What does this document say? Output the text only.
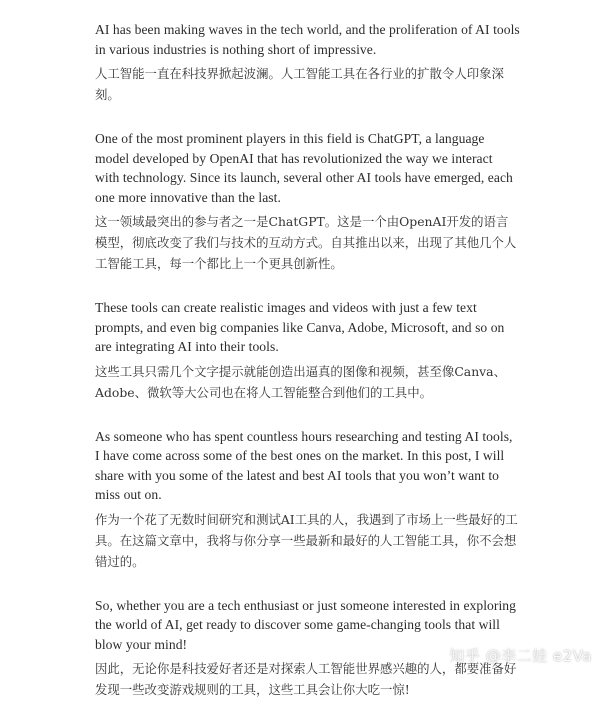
AI has been making waves in the tech world, and the proliferation of AI tools in various industries is nothing short of impressive.

人工智能一直在科技界掀起波澜。人工智能工具在各行业的扩散令人印象深刻。

One of the most prominent players in this field is ChatGPT, a language model developed by OpenAI that has revolutionized the way we interact with technology. Since its launch, several other AI tools have emerged, each one more innovative than the last.

这一领域最突出的参与者之一是ChatGPT。这是一个由OpenAI开发的语言模型，彻底改变了我们与技术的互动方式。自其推出以来，出现了其他几个人工智能工具，每一个都比上一个更具创新性。

These tools can create realistic images and videos with just a few text prompts, and even big companies like Canva, Adobe, Microsoft, and so on are integrating AI into their tools.

这些工具只需几个文字提示就能创造出逼真的图像和视频，甚至像Canva、Adobe、微软等大公司也在将人工智能整合到他们的工具中。

As someone who has spent countless hours researching and testing AI tools, I have come across some of the best ones on the market. In this post, I will share with you some of the latest and best AI tools that you won’t want to miss out on.

作为一个花了无数时间研究和测试AI工具的人，我遇到了市场上一些最好的工具。在这篇文章中，我将与你分享一些最新和最好的人工智能工具，你不会想错过的。

So, whether you are a tech enthusiast or just someone interested in exploring the world of AI, get ready to discover some game-changing tools that will blow your mind!

因此，无论你是科技爱好者还是对探索人工智能世界感兴趣的人，都要准备好发现一些改变游戏规则的工具，这些工具会让你大吃一惊!

知乎 @李二娃 e2Va
